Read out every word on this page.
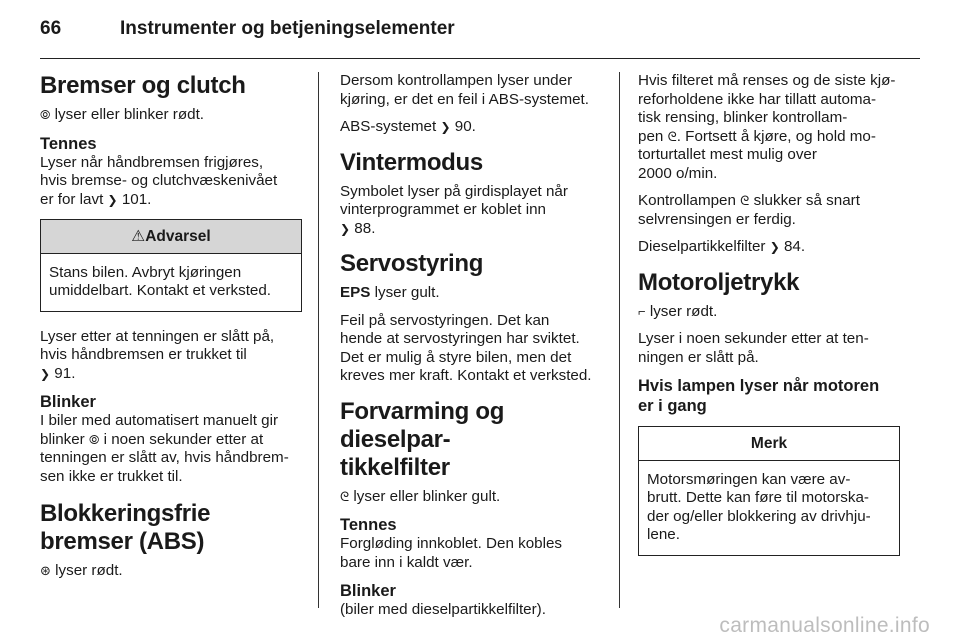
66	Instrumenter og betjeningselementer
Bremser og clutch

⦾ lyser eller blinker rødt.

Tennes

Lyser når håndbremsen frigjøres,
hvis bremse- og clutchvæskenivået
er for lavt ❯ 101.

⚠Advarsel
Stans bilen. Avbryt kjøringen
umiddelbart. Kontakt et verksted.

Lyser etter at tenningen er slått på,
hvis håndbremsen er trukket til
❯ 91.

Blinker

I biler med automatisert manuelt gir
blinker ⦾ i noen sekunder etter at
tenningen er slått av, hvis håndbrem-
sen ikke er trukket til.

Blokkeringsfrie bremser (ABS)

⊛ lyser rødt.

Dersom kontrollampen lyser under
kjøring, er det en feil i ABS-systemet.

ABS-systemet ❯ 90.

Vintermodus

Symbolet lyser på girdisplayet når
vinterprogrammet er koblet inn
❯ 88.

Servostyring

EPS lyser gult.

Feil på servostyringen. Det kan
hende at servostyringen har sviktet.
Det er mulig å styre bilen, men det
kreves mer kraft. Kontakt et verksted.

Forvarming og dieselpar-
tikkelfilter

ᘓ lyser eller blinker gult.

Tennes

Forgløding innkoblet. Den kobles
bare inn i kaldt vær.

Blinker

(biler med dieselpartikkelfilter).

Hvis filteret må renses og de siste kjø-
reforholdene ikke har tillatt automa-
tisk rensing, blinker kontrollam-
pen ᘓ. Fortsett å kjøre, og hold mo-
torturtallet mest mulig over
2000 o/min.

Kontrollampen ᘓ slukker så snart
selvrensingen er ferdig.

Dieselpartikkelfilter ❯ 84.

Motoroljetrykk

⌐ lyser rødt.

Lyser i noen sekunder etter at ten-
ningen er slått på.

Hvis lampen lyser når motoren
er i gang
Merk
Motorsmøringen kan være av-
brutt. Dette kan føre til motorska-
der og/eller blokkering av drivhju-
lene.
carmanualsonline.info
